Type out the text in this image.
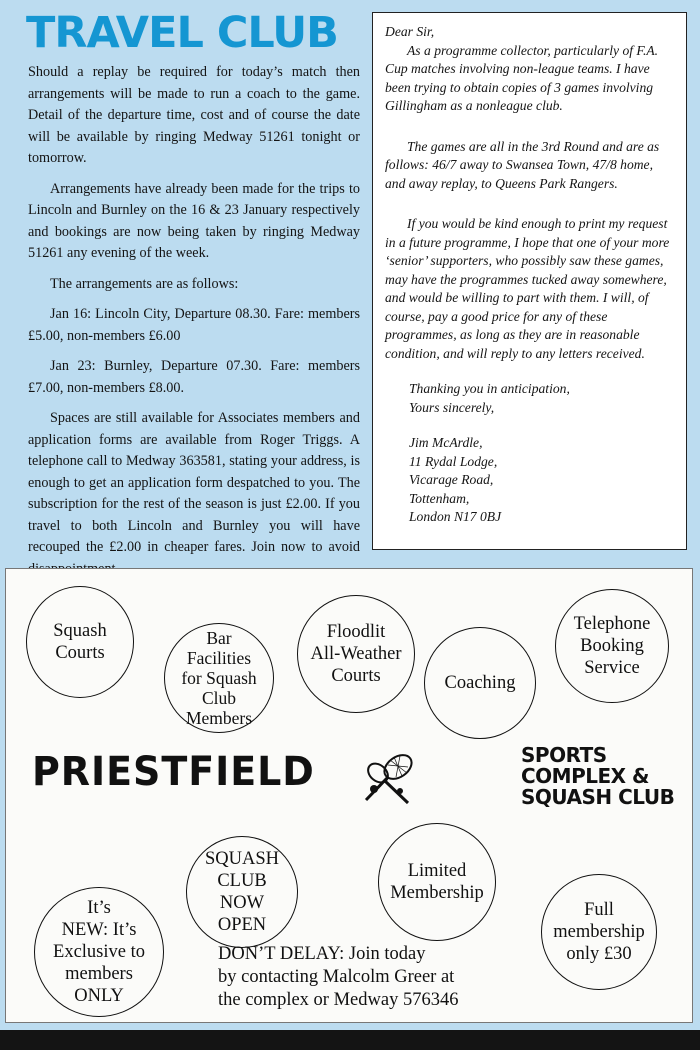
TRAVEL CLUB

Should a replay be required for today’s match then arrangements will be made to run a coach to the game. Detail of the departure time, cost and of course the date will be available by ringing Medway 51261 tonight or tomorrow.

Arrangements have already been made for the trips to Lincoln and Burnley on the 16 & 23 January respectively and bookings are now being taken by ringing Medway 51261 any evening of the week.

The arrangements are as follows:

Jan 16: Lincoln City, Departure 08.30. Fare: members £5.00, non-members £6.00

Jan 23: Burnley, Departure 07.30. Fare: members £7.00, non-members £8.00.

Spaces are still available for Associates members and application forms are available from Roger Triggs. A telephone call to Medway 363581, stating your address, is enough to get an application form despatched to you. The subscription for the rest of the season is just £2.00. If you travel to both Lincoln and Burnley you will have recouped the £2.00 in cheaper fares. Join now to avoid

Dear Sir,

As a programme collector, particularly of F.A. Cup matches involving non-league teams. I have been trying to obtain copies of 3 games involving Gillingham as a nonleague club.

The games are all in the 3rd Round and are as follows: 46/7 away to Swansea Town, 47/8 home, and away replay, to Queens Park Rangers.

If you would be kind enough to print my request in a future programme, I hope that one of your more ‘senior’ supporters, who possibly saw these games, may have the programmes tucked away somewhere, and would be willing to part with them. I will, of course, pay a good price for any of these programmes, as long as they are in reasonable condition, and will reply to any letters received.

Thanking you in anticipation,
Yours sincerely,

Jim McArdle,
11 Rydal Lodge,
Vicarage Road,
Tottenham,
London N17 0BJ

Squash
Courts
Bar
Facilities
for Squash
Club
Members
Floodlit
All-Weather
Courts	Coaching
Telephone
Booking
Service
PRIESTFIELD	SPORTS
COMPLEX &
SQUASH CLUB
SQUASH
CLUB
NOW
OPEN
Limited
Membership
It’s
NEW: It’s
Exclusive to
members
ONLY
Full
membership
only £30
DON’T DELAY: Join today
by contacting Malcolm Greer at
the complex or Medway 576346
